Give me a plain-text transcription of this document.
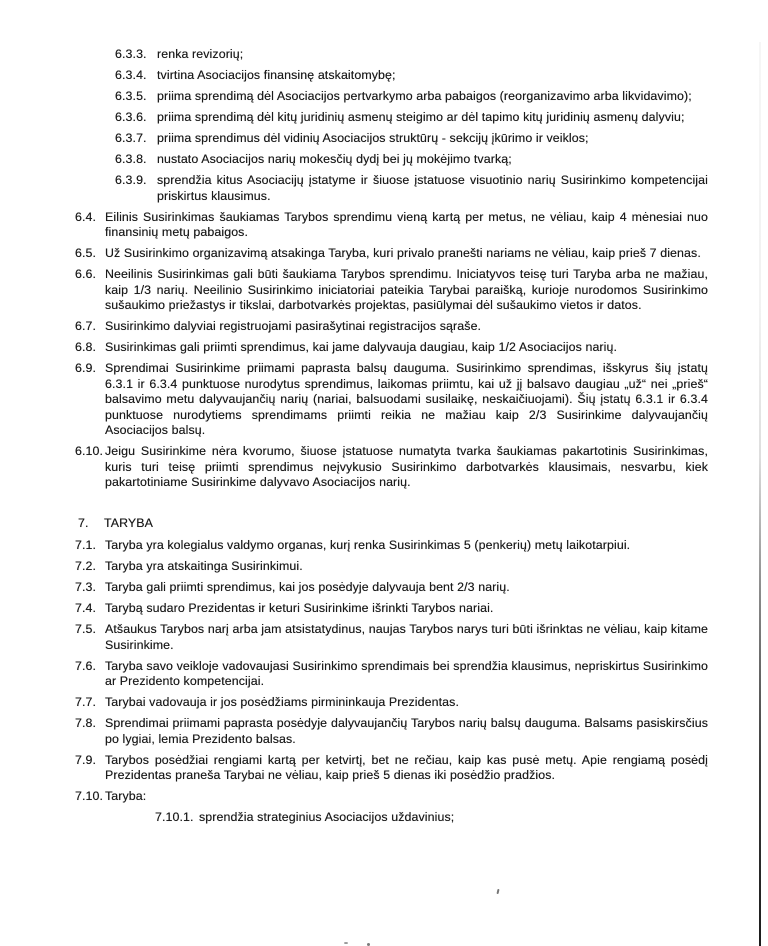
6.3.3. renka revizorių;
6.3.4. tvirtina Asociacijos finansinę atskaitomybę;
6.3.5. priima sprendimą dėl Asociacijos pertvarkymo arba pabaigos (reorganizavimo arba likvidavimo);
6.3.6. priima sprendimą dėl kitų juridinių asmenų steigimo ar dėl tapimo kitų juridinių asmenų dalyviu;
6.3.7. priima sprendimus dėl vidinių Asociacijos struktūrų - sekcijų įkūrimo ir veiklos;
6.3.8. nustato Asociacijos narių mokesčių dydį bei jų mokėjimo tvarką;
6.3.9. sprendžia kitus Asociacijų įstatyme ir šiuose įstatuose visuotinio narių Susirinkimo kompetencijai priskirtus klausimus.
6.4. Eilinis Susirinkimas šaukiamas Tarybos sprendimu vieną kartą per metus, ne vėliau, kaip 4 mėnesiai nuo finansinių metų pabaigos.
6.5. Už Susirinkimo organizavimą atsakinga Taryba, kuri privalo pranešti nariams ne vėliau, kaip prieš 7 dienas.
6.6. Neeilinis Susirinkimas gali būti šaukiama Tarybos sprendimu. Iniciatyvos teisę turi Taryba arba ne mažiau, kaip 1/3 narių. Neeilinio Susirinkimo iniciatoriai pateikia Tarybai paraišką, kurioje nurodomos Susirinkimo sušaukimo priežastys ir tikslai, darbotvarkės projektas, pasiūlymai dėl sušaukimo vietos ir datos.
6.7. Susirinkimo dalyviai registruojami pasirašytinai registracijos sąraše.
6.8. Susirinkimas gali priimti sprendimus, kai jame dalyvauja daugiau, kaip 1/2 Asociacijos narių.
6.9. Sprendimai Susirinkime priimami paprasta balsų dauguma. Susirinkimo sprendimas, išskyrus šių įstatų 6.3.1 ir 6.3.4 punktuose nurodytus sprendimus, laikomas priimtu, kai už jį balsavo daugiau „už“ nei „prieš“ balsavimo metu dalyvaujančių narių (nariai, balsuodami susilaikę, neskaičiuojami). Šių įstatų 6.3.1 ir 6.3.4 punktuose nurodytiems sprendimams priimti reikia ne mažiau kaip 2/3 Susirinkime dalyvaujančių Asociacijos balsų.
6.10. Jeigu Susirinkime nėra kvorumo, šiuose įstatuose numatyta tvarka šaukiamas pakartotinis Susirinkimas, kuris turi teisę priimti sprendimus neįvykusio Susirinkimo darbotvarkės klausimais, nesvarbu, kiek pakartotiniame Susirinkime dalyvavo Asociacijos narių.
7.	TARYBA
7.1. Taryba yra kolegialus valdymo organas, kurį renka Susirinkimas 5 (penkerių) metų laikotarpiui.
7.2. Taryba yra atskaitinga Susirinkimui.
7.3. Taryba gali priimti sprendimus, kai jos posėdyje dalyvauja bent 2/3 narių.
7.4. Tarybą sudaro Prezidentas ir keturi Susirinkime išrinkti Tarybos nariai.
7.5. Atšaukus Tarybos narį arba jam atsistatydinus, naujas Tarybos narys turi būti išrinktas ne vėliau, kaip kitame Susirinkime.
7.6. Taryba savo veikloje vadovaujasi Susirinkimo sprendimais bei sprendžia klausimus, nepriskirtus Susirinkimo ar Prezidento kompetencijai.
7.7. Tarybai vadovauja ir jos posėdžiams pirmininkauja Prezidentas.
7.8. Sprendimai priimami paprasta posėdyje dalyvaujančių Tarybos narių balsų dauguma. Balsams pasiskirsčius po lygiai, lemia Prezidento balsas.
7.9. Tarybos posėdžiai rengiami kartą per ketvirtį, bet ne rečiau, kaip kas pusė metų. Apie rengiamą posėdį Prezidentas praneša Tarybai ne vėliau, kaip prieš 5 dienas iki posėdžio pradžios.
7.10. Taryba:
7.10.1. sprendžia strateginius Asociacijos uždavinius;
